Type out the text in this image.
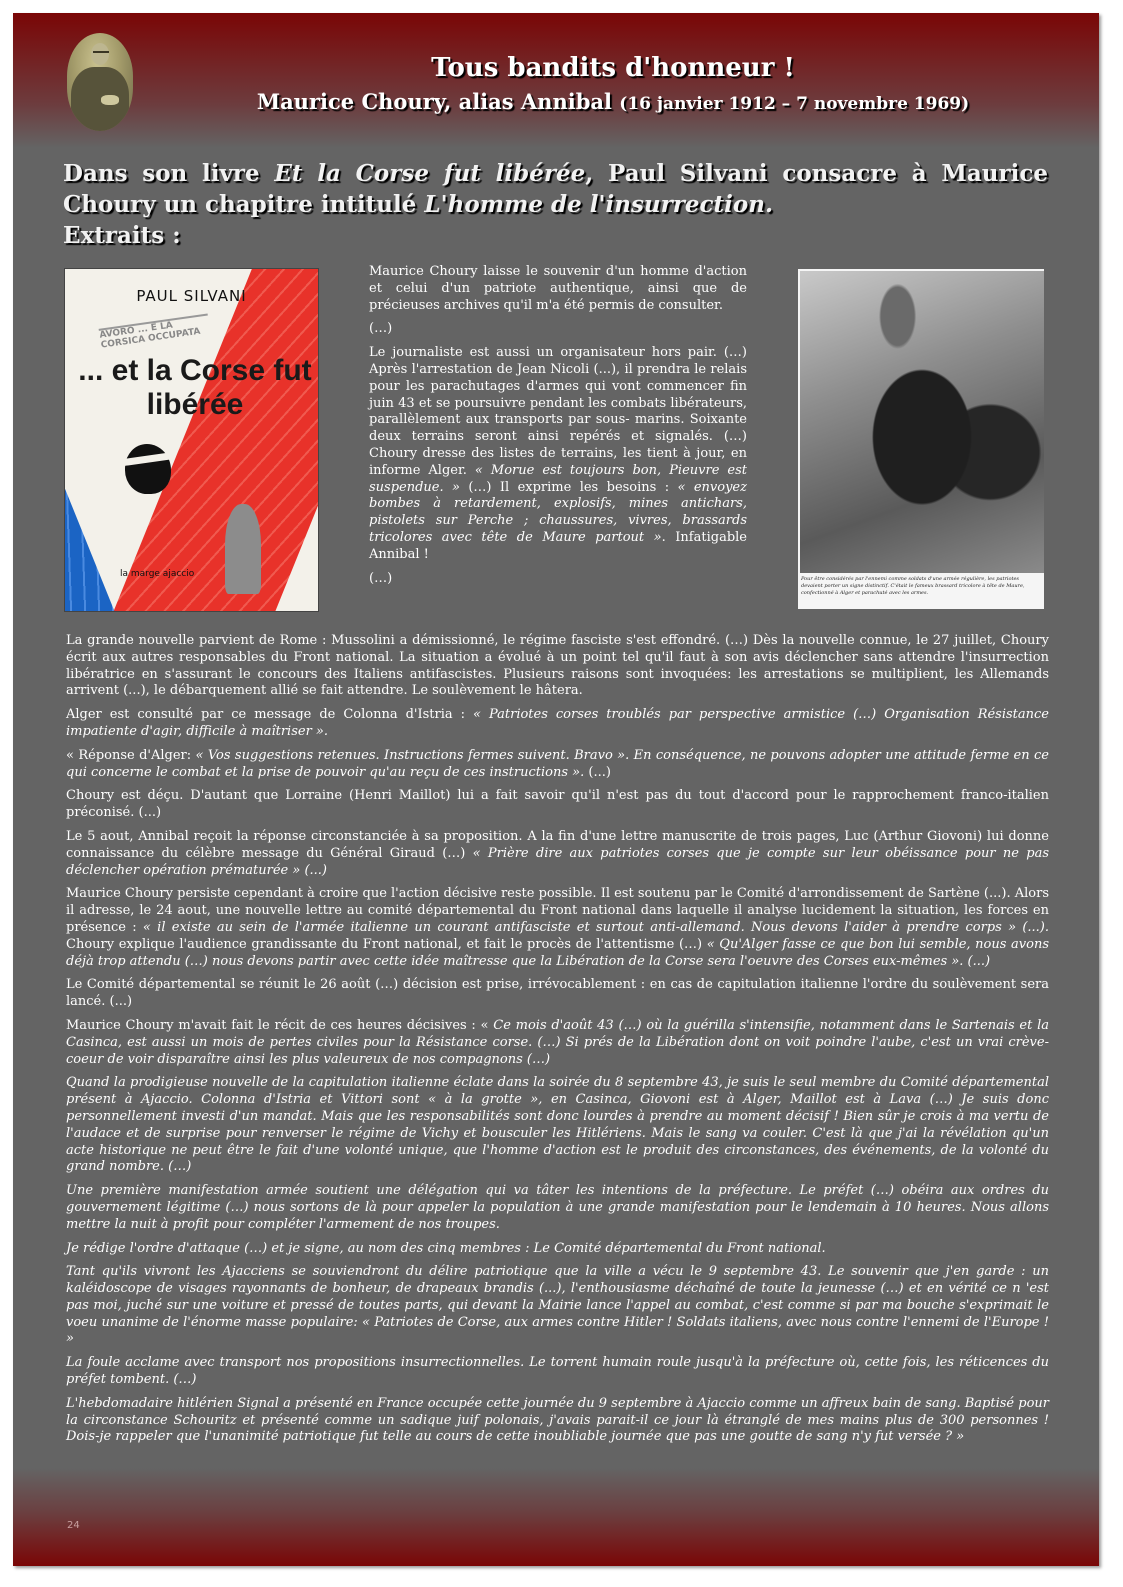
Tous bandits d'honneur !
Maurice Choury, alias Annibal (16 janvier 1912 – 7 novembre 1969)
Dans son livre Et la Corse fut libérée, Paul Silvani consacre à Maurice Choury un chapitre intitulé L'homme de l'insurrection.
Extraits :
PAUL SILVANI
AVORO ... E LA CORSICA OCCUPATA
... et la Corse fut libérée
la marge ajaccio

Maurice Choury laisse le souvenir d'un homme d'action et celui d'un patriote authentique, ainsi que de précieuses archives qu'il m'a été permis de consulter.

(…)

Le journaliste est aussi un organisateur hors pair. (…) Après l'arrestation de Jean Nicoli (...), il prendra le relais pour les parachutages d'armes qui vont commencer fin juin 43 et se poursuivre pendant les combats libérateurs, parallèlement aux transports par sous- marins. Soixante deux terrains seront ainsi repérés et signalés. (…) Choury dresse des listes de terrains, les tient à jour, en informe Alger. « Morue est toujours bon, Pieuvre est suspendue. » (…) Il exprime les besoins : « envoyez bombes à retardement, explosifs, mines antichars, pistolets sur Perche ; chaussures, vivres, brassards tricolores avec tête de Maure partout ». Infatigable Annibal !

(…)	Pour être considérés par l'ennemi comme soldats d'une armée régulière, les patriotes devaient porter un signe distinctif. C'était le fameux brassard tricolore à tête de Maure, confectionné à Alger et parachuté avec les armes.

La grande nouvelle parvient de Rome : Mussolini a démissionné, le régime fasciste s'est effondré. (…) Dès la nouvelle connue, le 27 juillet, Choury écrit aux autres responsables du Front national. La situation a évolué à un point tel qu'il faut à son avis déclencher sans attendre l'insurrection libératrice en s'assurant le concours des Italiens antifascistes. Plusieurs raisons sont invoquées: les arrestations se multiplient, les Allemands arrivent (...), le débarquement allié se fait attendre. Le soulèvement le hâtera.

Alger est consulté par ce message de Colonna d'Istria : « Patriotes corses troublés par perspective armistice (…) Organisation Résistance impatiente d'agir, difficile à maîtriser ».

« Réponse d'Alger: « Vos suggestions retenues. Instructions fermes suivent. Bravo ». En conséquence, ne pouvons adopter une attitude ferme en ce qui concerne le combat et la prise de pouvoir qu'au reçu de ces instructions ». (...)

Choury est déçu. D'autant que Lorraine (Henri Maillot) lui a fait savoir qu'il n'est pas du tout d'accord pour le rapprochement franco-italien préconisé. (...)

Le 5 aout, Annibal reçoit la réponse circonstanciée à sa proposition. A la fin d'une lettre manuscrite de trois pages, Luc (Arthur Giovoni) lui donne connaissance du célèbre message du Général Giraud (…) « Prière dire aux patriotes corses que je compte sur leur obéissance pour ne pas déclencher opération prématurée » (...)

Maurice Choury persiste cependant à croire que l'action décisive reste possible. Il est soutenu par le Comité d'arrondissement de Sartène (...). Alors il adresse, le 24 aout, une nouvelle lettre au comité départemental du Front national dans laquelle il analyse lucidement la situation, les forces en présence : « il existe au sein de l'armée italienne un courant antifasciste et surtout anti-allemand. Nous devons l'aider à prendre corps » (...). Choury explique l'audience grandissante du Front national, et fait le procès de l'attentisme (…) « Qu'Alger fasse ce que bon lui semble, nous avons déjà trop attendu (…) nous devons partir avec cette idée maîtresse que la Libération de la Corse sera l'oeuvre des Corses eux-mêmes ». (...)

Le Comité départemental se réunit le 26 août (…) décision est prise, irrévocablement : en cas de capitulation italienne l'ordre du soulèvement sera lancé. (...)

Maurice Choury m'avait fait le récit de ces heures décisives : « Ce mois d'août 43 (…) où la guérilla s'intensifie, notamment dans le Sartenais et la Casinca, est aussi un mois de pertes civiles pour la Résistance corse. (…) Si prés de la Libération dont on voit poindre l'aube, c'est un vrai crève-coeur de voir disparaître ainsi les plus valeureux de nos compagnons (…)

Quand la prodigieuse nouvelle de la capitulation italienne éclate dans la soirée du 8 septembre 43, je suis le seul membre du Comité départemental présent à Ajaccio. Colonna d'Istria et Vittori sont « à la grotte », en Casinca, Giovoni est à Alger, Maillot est à Lava (…) Je suis donc personnellement investi d'un mandat. Mais que les responsabilités sont donc lourdes à prendre au moment décisif ! Bien sûr je crois à ma vertu de l'audace et de surprise pour renverser le régime de Vichy et bousculer les Hitlériens. Mais le sang va couler. C'est là que j'ai la révélation qu'un acte historique ne peut être le fait d'une volonté unique, que l'homme d'action est le produit des circonstances, des événements, de la volonté du grand nombre. (…)

Une première manifestation armée soutient une délégation qui va tâter les intentions de la préfecture. Le préfet (…) obéira aux ordres du gouvernement légitime (…) nous sortons de là pour appeler la population à une grande manifestation pour le lendemain à 10 heures. Nous allons mettre la nuit à profit pour compléter l'armement de nos troupes.

Je rédige l'ordre d'attaque (…) et je signe, au nom des cinq membres : Le Comité départemental du Front national.

Tant qu'ils vivront les Ajacciens se souviendront du délire patriotique que la ville a vécu le 9 septembre 43. Le souvenir que j'en garde : un kaléidoscope de visages rayonnants de bonheur, de drapeaux brandis (...), l'enthousiasme déchaîné de toute la jeunesse (…) et en vérité ce n 'est pas moi, juché sur une voiture et pressé de toutes parts, qui devant la Mairie lance l'appel au combat, c'est comme si par ma bouche s'exprimait le voeu unanime de l'énorme masse populaire: « Patriotes de Corse, aux armes contre Hitler ! Soldats italiens, avec nous contre l'ennemi de l'Europe ! »

La foule acclame avec transport nos propositions insurrectionnelles. Le torrent humain roule jusqu'à la préfecture où, cette fois, les réticences du préfet tombent. (…)

L'hebdomadaire hitlérien Signal a présenté en France occupée cette journée du 9 septembre à Ajaccio comme un affreux bain de sang. Baptisé pour la circonstance Schouritz et présenté comme un sadique juif polonais, j'avais parait-il ce jour là étranglé de mes mains plus de 300 personnes ! Dois-je rappeler que l'unanimité patriotique fut telle au cours de cette inoubliable journée que pas une goutte de sang n'y fut versée ? »

24
